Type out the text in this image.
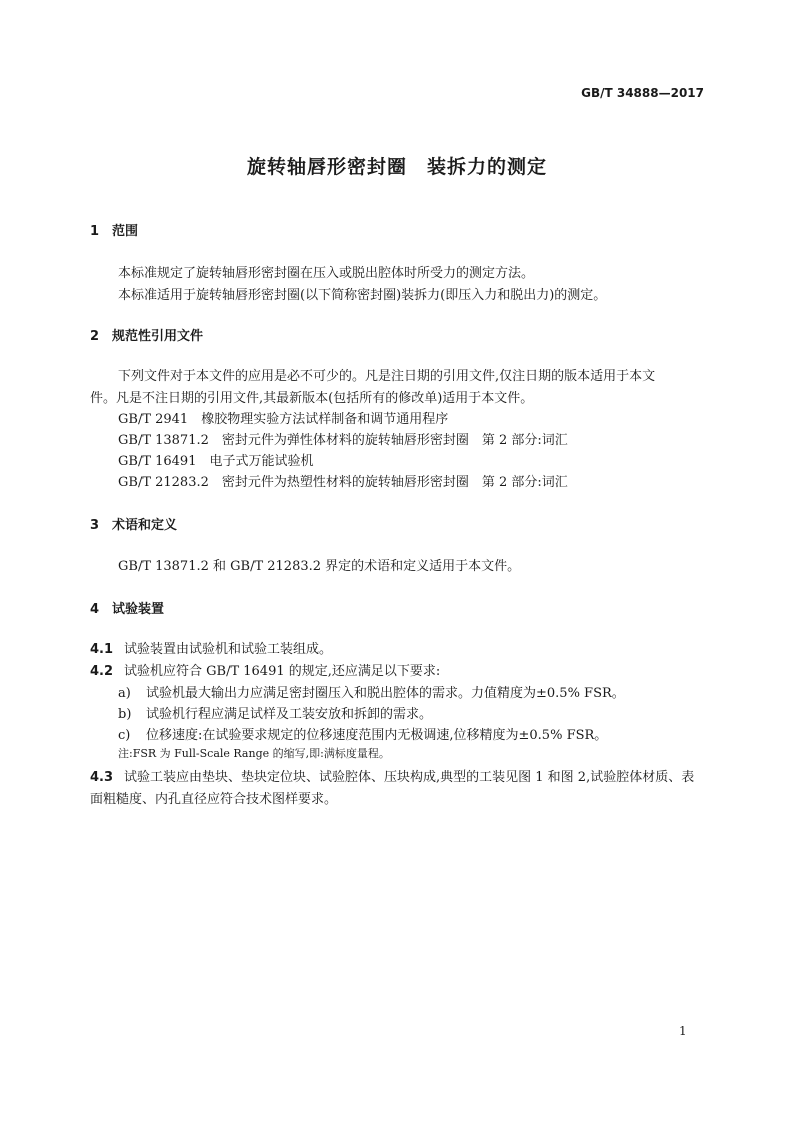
GB/T 34888—2017
旋转轴唇形密封圈　装拆力的测定
1 范围
本标准规定了旋转轴唇形密封圈在压入或脱出腔体时所受力的测定方法。
本标准适用于旋转轴唇形密封圈(以下简称密封圈)装拆力(即压入力和脱出力)的测定。
2 规范性引用文件
下列文件对于本文件的应用是必不可少的。凡是注日期的引用文件,仅注日期的版本适用于本文
件。凡是不注日期的引用文件,其最新版本(包括所有的修改单)适用于本文件。
GB/T 2941　橡胶物理实验方法试样制备和调节通用程序
GB/T 13871.2　密封元件为弹性体材料的旋转轴唇形密封圈　第 2 部分:词汇
GB/T 16491　电子式万能试验机
GB/T 21283.2　密封元件为热塑性材料的旋转轴唇形密封圈　第 2 部分:词汇
3 术语和定义
GB/T 13871.2 和 GB/T 21283.2 界定的术语和定义适用于本文件。
4 试验装置
4.1 试验装置由试验机和试验工装组成。
4.2 试验机应符合 GB/T 16491 的规定,还应满足以下要求:
a) 试验机最大输出力应满足密封圈压入和脱出腔体的需求。力值精度为±0.5% FSR。
b) 试验机行程应满足试样及工装安放和拆卸的需求。
c) 位移速度:在试验要求规定的位移速度范围内无极调速,位移精度为±0.5% FSR。
注:FSR 为 Full-Scale Range 的缩写,即:满标度量程。
4.3 试验工装应由垫块、垫块定位块、试验腔体、压块构成,典型的工装见图 1 和图 2,试验腔体材质、表
面粗糙度、内孔直径应符合技术图样要求。
1
